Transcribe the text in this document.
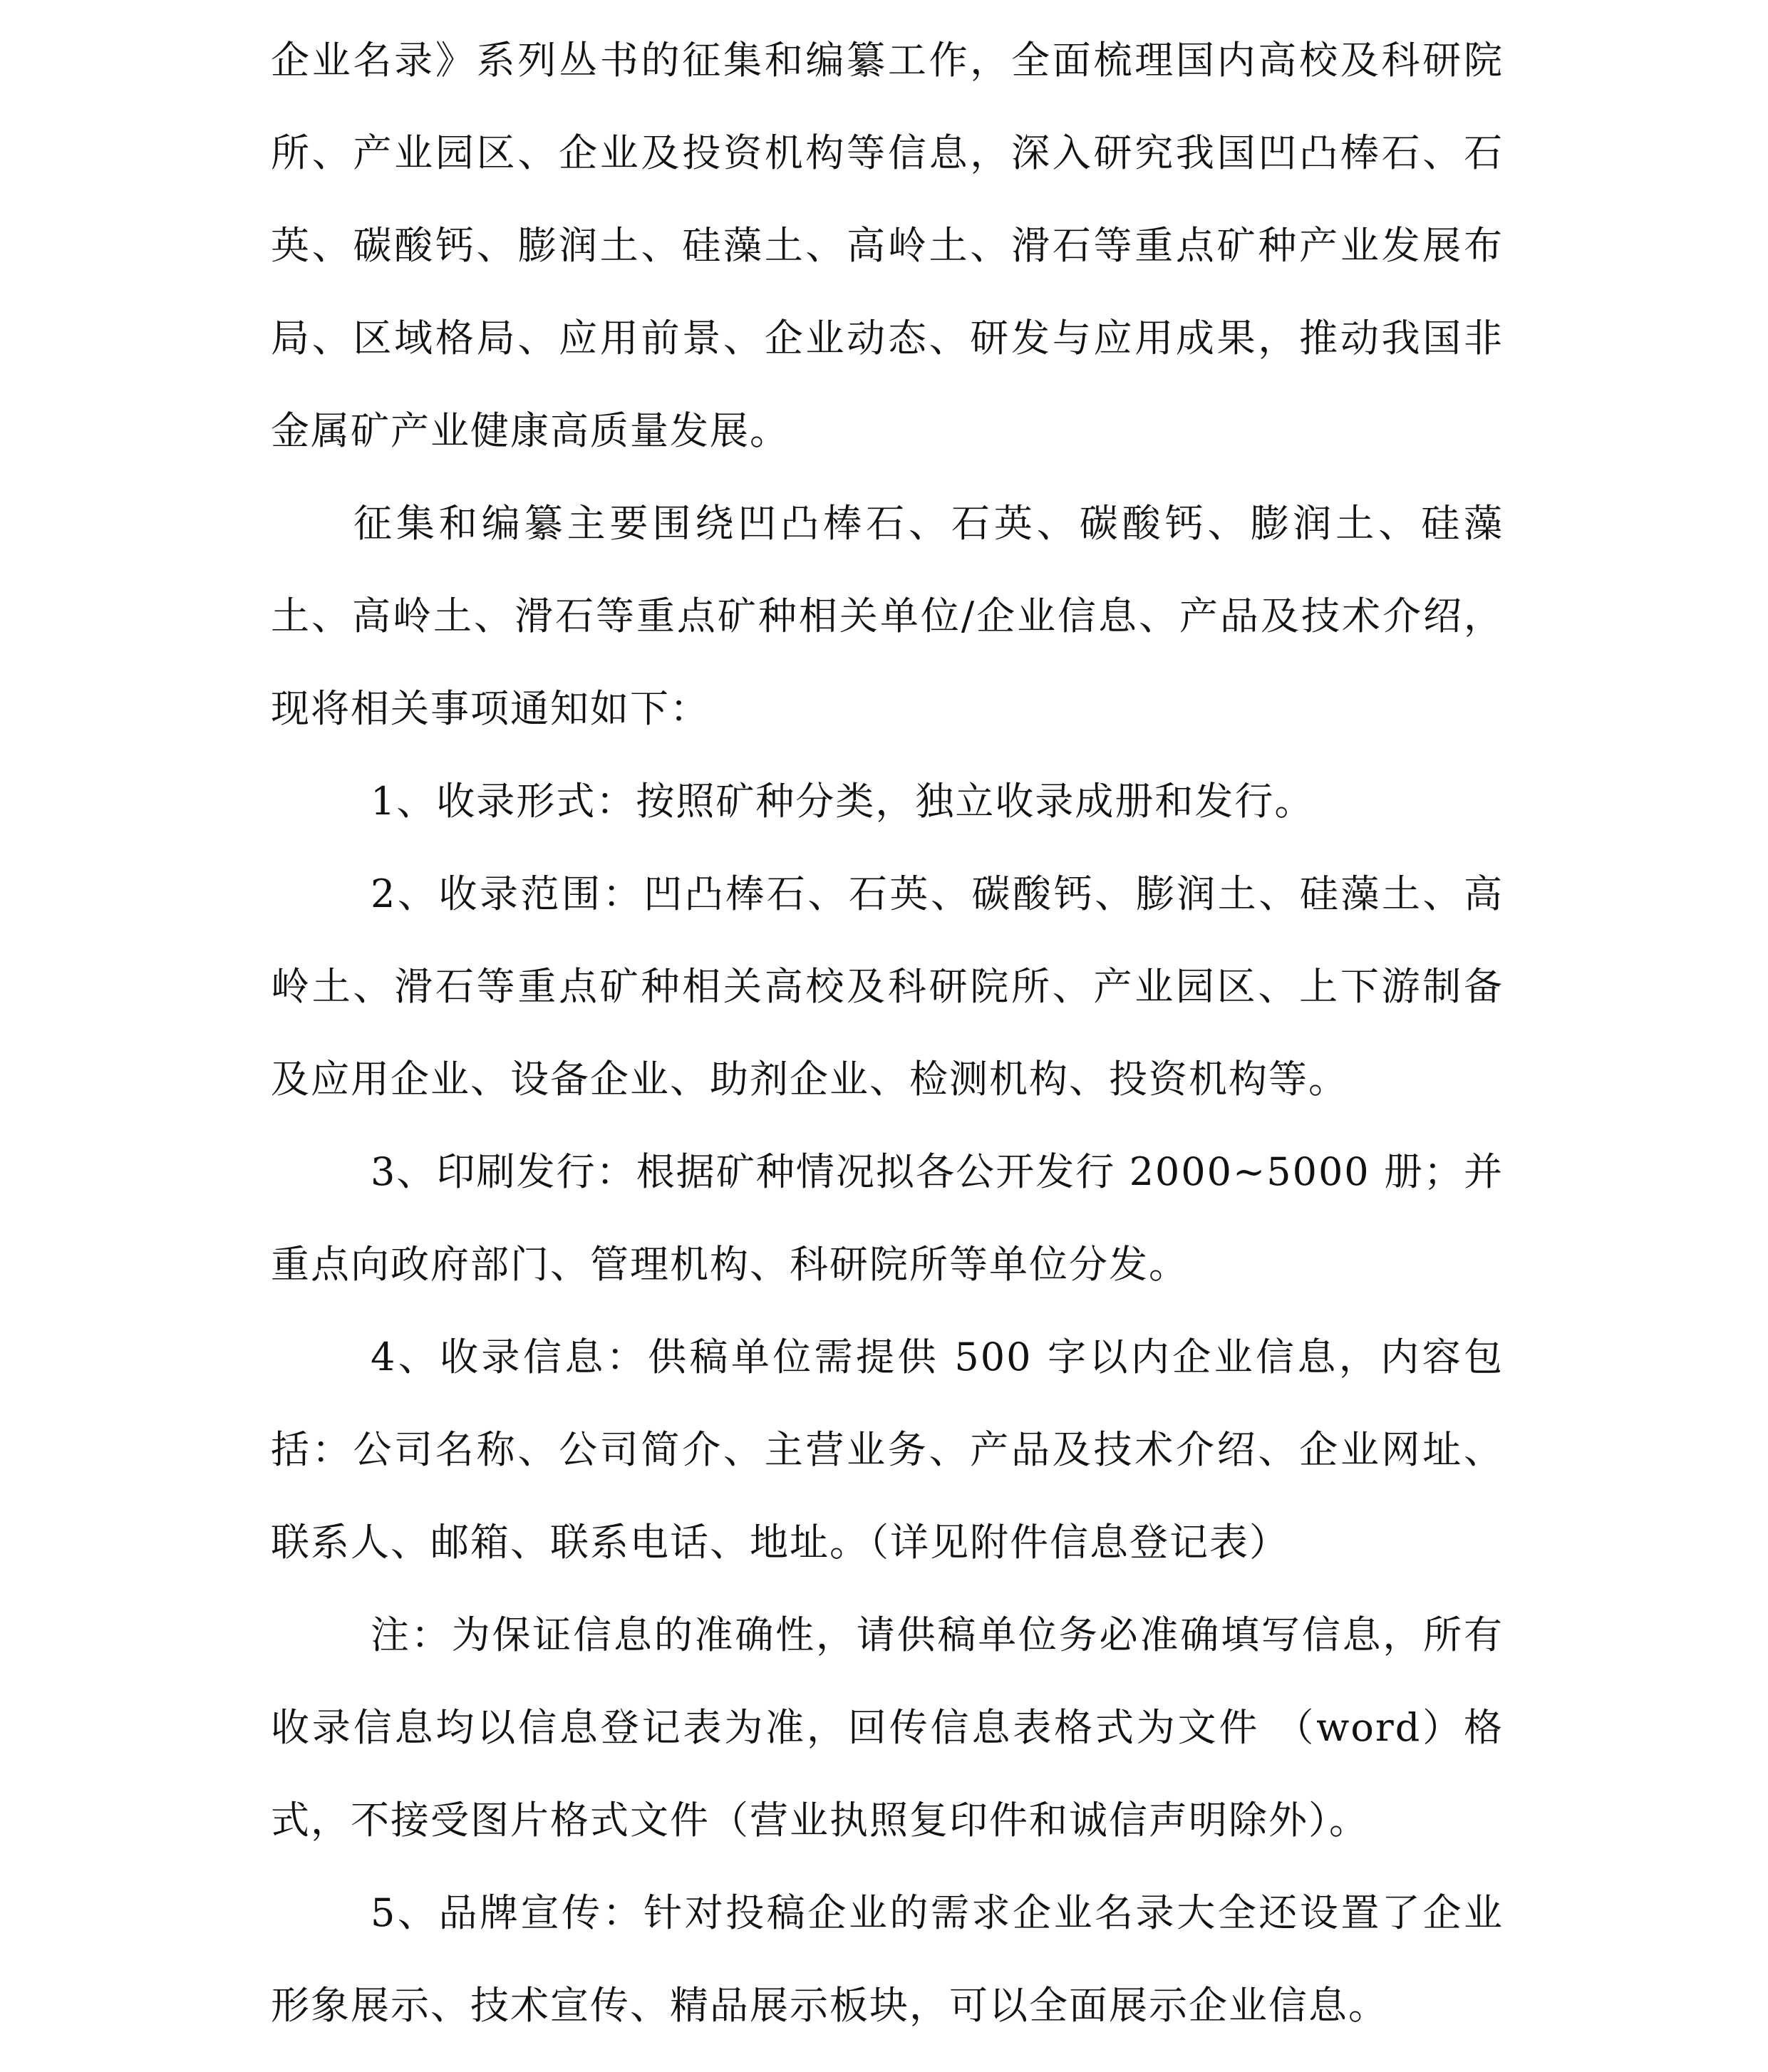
企业名录》系列丛书的征集和编纂工作，全面梳理国内高校及科研院所、产业园区、企业及投资机构等信息，深入研究我国凹凸棒石、石英、碳酸钙、膨润土、硅藻土、高岭土、滑石等重点矿种产业发展布局、区域格局、应用前景、企业动态、研发与应用成果，推动我国非金属矿产业健康高质量发展。

征集和编纂主要围绕凹凸棒石、石英、碳酸钙、膨润土、硅藻土、高岭土、滑石等重点矿种相关单位/企业信息、产品及技术介绍，现将相关事项通知如下：

1、收录形式：按照矿种分类，独立收录成册和发行。

2、收录范围：凹凸棒石、石英、碳酸钙、膨润土、硅藻土、高岭土、滑石等重点矿种相关高校及科研院所、产业园区、上下游制备及应用企业、设备企业、助剂企业、检测机构、投资机构等。

3、印刷发行：根据矿种情况拟各公开发行 2000~5000 册；并重点向政府部门、管理机构、科研院所等单位分发。

4、收录信息：供稿单位需提供 500 字以内企业信息，内容包括：公司名称、公司简介、主营业务、产品及技术介绍、企业网址、联系人、邮箱、联系电话、地址。（详见附件信息登记表）

注：为保证信息的准确性，请供稿单位务必准确填写信息，所有收录信息均以信息登记表为准，回传信息表格式为文件 （word）格式，不接受图片格式文件（营业执照复印件和诚信声明除外）。

5、品牌宣传：针对投稿企业的需求企业名录大全还设置了企业形象展示、技术宣传、精品展示板块，可以全面展示企业信息。
